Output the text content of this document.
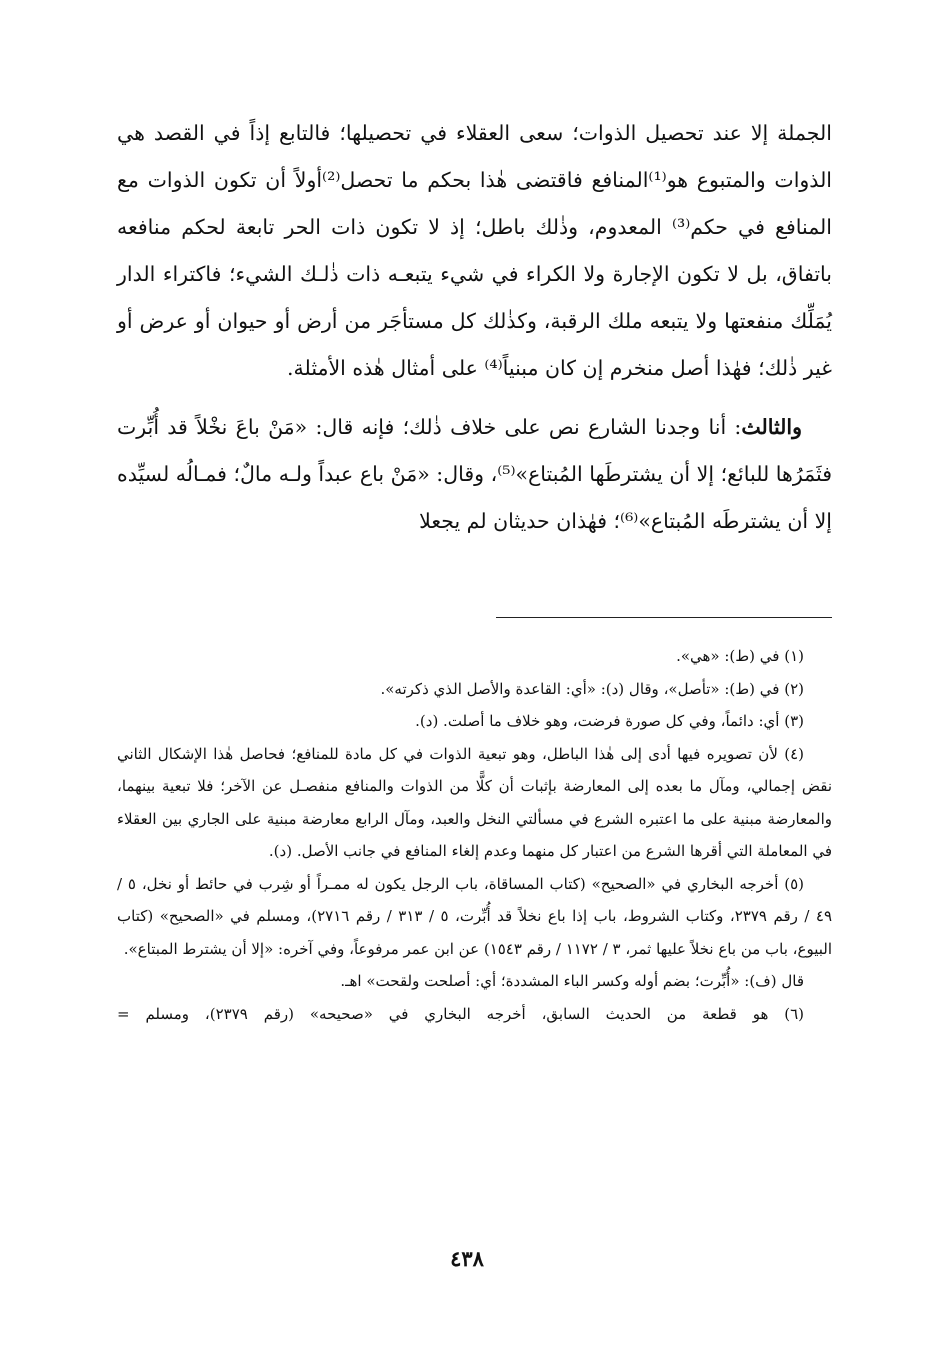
الجملة إلا عند تحصيل الذوات؛ سعى العقلاء في تحصيلها؛ فالتابع إذاً في القصد هي الذوات والمتبوع هو⁽¹⁾المنافع فاقتضى هٰذا بحكم ما تحصل⁽²⁾أولاً أن تكون الذوات مع المنافع في حكم⁽³⁾ المعدوم، وذٰلك باطل؛ إذ لا تكون ذات الحر تابعة لحكم منافعه باتفاق، بل لا تكون الإجارة ولا الكراء في شيء يتبعـه ذات ذٰلـك الشيء؛ فاكتراء الدار يُمَلِّك منفعتها ولا يتبعه ملك الرقبة، وكذٰلك كل مستأجَر من أرض أو حيوان أو عرض أو غير ذٰلك؛ فهٰذا أصل منخرم إن كان مبنياً⁽⁴⁾ على أمثال هٰذه الأمثلة.

والثالث: أنا وجدنا الشارع نص على خلاف ذٰلك؛ فإنه قال: «مَنْ باعَ نخْلاً قد أُبِّرت فثَمَرُها للبائع؛ إلا أن يشترطَها المُبتاع»⁽⁵⁾، وقال: «مَنْ باع عبداً ولـه مالٌ؛ فمـالُه لسيِّده إلا أن يشترطَه المُبتاع»⁽⁶⁾؛ فهٰذان حديثان لم يجعلا

(١) في (ط): «هي».

(٢) في (ط): «تأصل»، وقال (د): «أي: القاعدة والأصل الذي ذكرته».

(٣) أي: دائماً، وفي كل صورة فرضت، وهو خلاف ما أصلت. (د).

(٤) لأن تصويره فيها أدى إلى هٰذا الباطل، وهو تبعية الذوات في كل مادة للمنافع؛ فحاصل هٰذا الإشكال الثاني نقض إجمالي، ومآل ما بعده إلى المعارضة بإثبات أن كلًّا من الذوات والمنافع منفصـل عن الآخر؛ فلا تبعية بينهما، والمعارضة مبنية على ما اعتبره الشرع في مسألتي النخل والعبد، ومآل الرابع معارضة مبنية على الجاري بين العقلاء في المعاملة التي أقرها الشرع من اعتبار كل منهما وعدم إلغاء المنافع في جانب الأصل. (د).

(٥) أخرجه البخاري في «الصحيح» (كتاب المساقاة، باب الرجل يكون له ممـراً أو شِرب في حائط أو نخل، ٥ / ٤٩ / رقم ٢٣٧٩، وكتاب الشروط، باب إذا باع نخلاً قد أُبِّرت، ٥ / ٣١٣ / رقم ٢٧١٦)، ومسلم في «الصحيح» (كتاب البيوع، باب من باع نخلاً عليها ثمر، ٣ / ١١٧٢ / رقم ١٥٤٣) عن ابن عمر مرفوعاً، وفي آخره: «إلا أن يشترط المبتاع».

قال (ف): «أُبِّرت؛ بضم أوله وكسر الباء المشددة؛ أي: أصلحت ولقحت» اهـ.

(٦) هو قطعة من الحديث السابق، أخرجه البخاري في «صحيحه» (رقم ٢٣٧٩)، ومسلم =

٤٣٨
